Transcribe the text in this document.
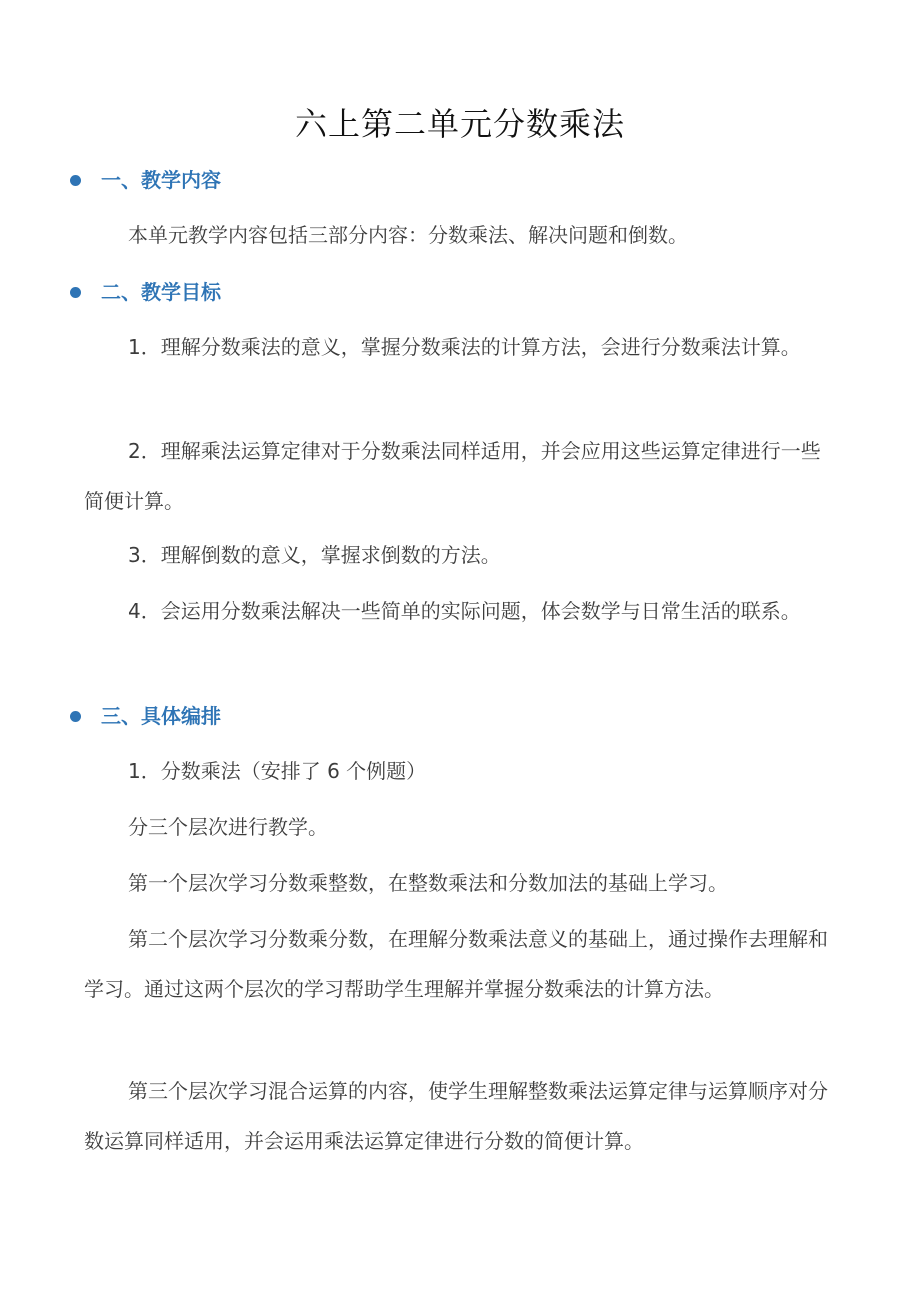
六上第二单元分数乘法
一、教学内容

本单元教学内容包括三部分内容：分数乘法、解决问题和倒数。

二、教学目标

1．理解分数乘法的意义，掌握分数乘法的计算方法，会进行分数乘法计算。

2．理解乘法运算定律对于分数乘法同样适用，并会应用这些运算定律进行一些简便计算。

3．理解倒数的意义，掌握求倒数的方法。

4．会运用分数乘法解决一些简单的实际问题，体会数学与日常生活的联系。

三、具体编排

1．分数乘法（安排了 6 个例题）

分三个层次进行教学。

第一个层次学习分数乘整数，在整数乘法和分数加法的基础上学习。

第二个层次学习分数乘分数，在理解分数乘法意义的基础上，通过操作去理解和学习。通过这两个层次的学习帮助学生理解并掌握分数乘法的计算方法。

第三个层次学习混合运算的内容，使学生理解整数乘法运算定律与运算顺序对分数运算同样适用，并会运用乘法运算定律进行分数的简便计算。
